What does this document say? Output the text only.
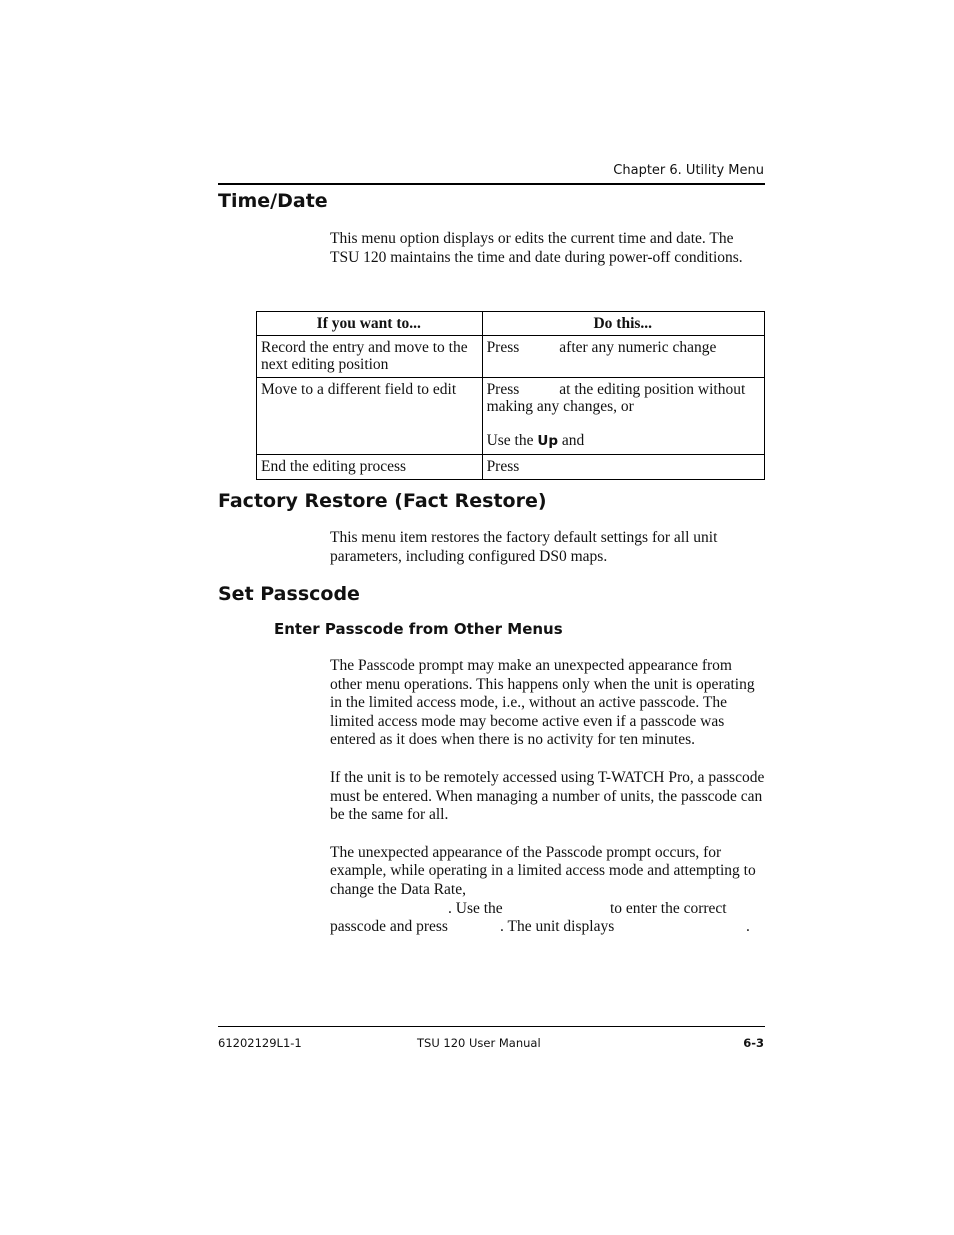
Chapter 6. Utility Menu
Time/Date

This menu option displays or edits the current time and date. The TSU 120 maintains the time and date during power-off conditions.

If you want to...	Do this...
Record the entry and move to the next editing position	Press after any numeric change
Move to a different field to edit	Press at the editing position without making any changes, or
Use the Up and

End the editing process	Press
Factory Restore (Fact Restore)

This menu item restores the factory default settings for all unit parameters, including configured DS0 maps.

Set Passcode
Enter Passcode from Other Menus

The Passcode prompt may make an unexpected appearance from other menu operations. This happens only when the unit is operating in the limited access mode, i.e., without an active passcode. The limited access mode may become active even if a passcode was entered as it does when there is no activity for ten minutes.

If the unit is to be remotely accessed using T-WATCH Pro, a passcode must be entered. When managing a number of units, the passcode can be the same for all.

The unexpected appearance of the Passcode prompt occurs, for example, while operating in a limited access mode and attempting to change the Data Rate,

. Use the	to enter the correct
passcode and press	. The unit displays	.
61202129L1-1	TSU 120 User Manual	6-3
